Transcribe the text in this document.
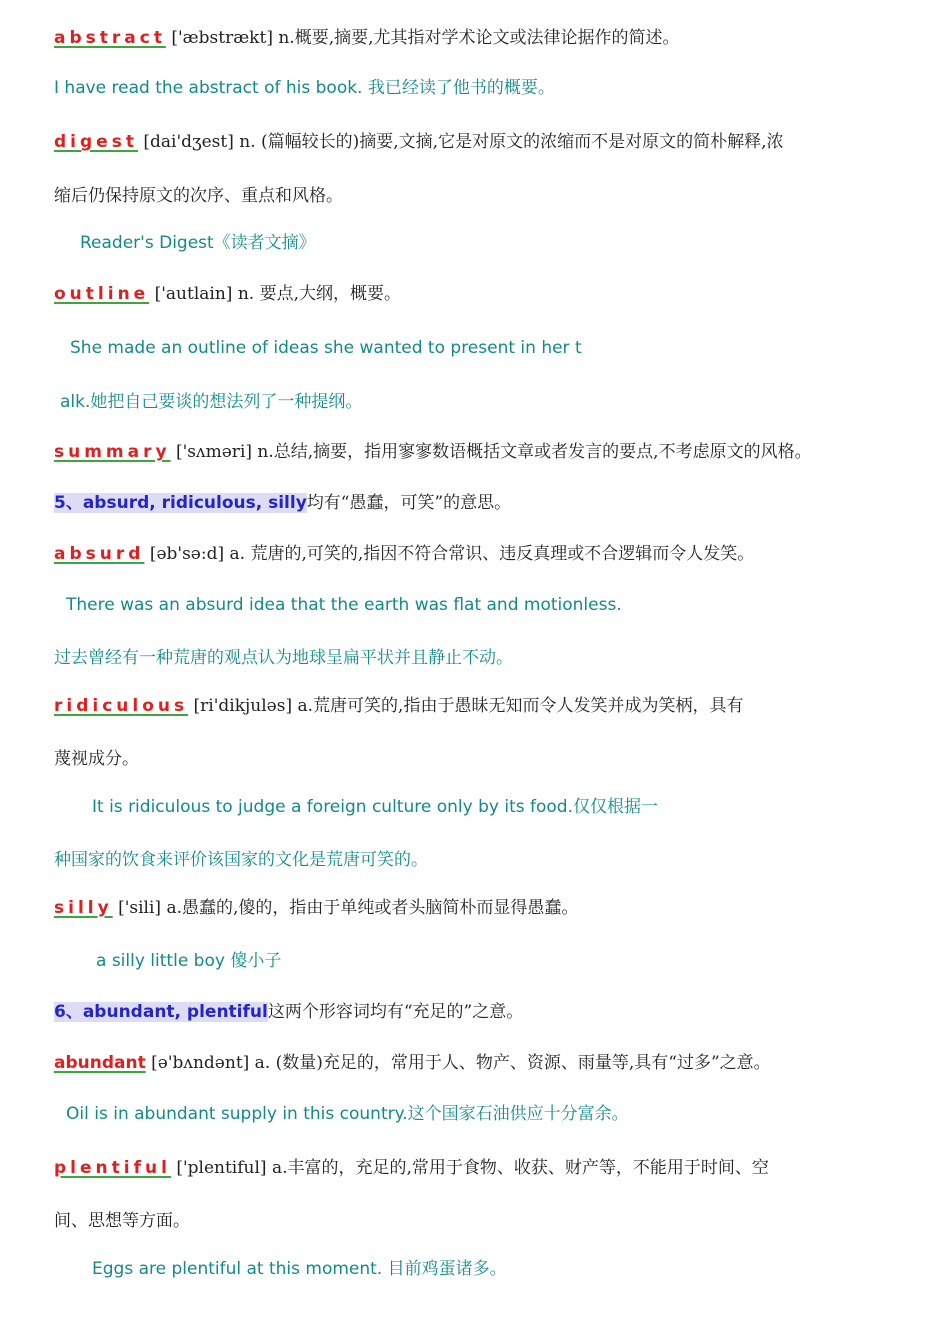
abstract ['æbstrækt] n.概要,摘要,尤其指对学术论文或法律论据作的简述。
I have read the abstract of his book. 我已经读了他书的概要。
digest [dai'dʒest] n. (篇幅较长的)摘要,文摘,它是对原文的浓缩而不是对原文的简朴解释,浓
缩后仍保持原文的次序、重点和风格。
Reader's Digest《读者文摘》
outline ['autlain] n. 要点,大纲，概要。
She made an outline of ideas she wanted to present in her t
alk.她把自己要谈的想法列了一种提纲。
summary ['sʌməri] n.总结,摘要，指用寥寥数语概括文章或者发言的要点,不考虑原文的风格。
5、absurd, ridiculous, silly均有“愚蠢，可笑”的意思。
absurd [əb'sə:d] a. 荒唐的,可笑的,指因不符合常识、违反真理或不合逻辑而令人发笑。
There was an absurd idea that the earth was flat and motionless.
过去曾经有一种荒唐的观点认为地球呈扁平状并且静止不动。
ridiculous [ri'dikjuləs] a.荒唐可笑的,指由于愚昧无知而令人发笑并成为笑柄，具有
蔑视成分。
It is ridiculous to judge a foreign culture only by its food.仅仅根据一
种国家的饮食来评价该国家的文化是荒唐可笑的。
silly ['sili] a.愚蠢的,傻的，指由于单纯或者头脑简朴而显得愚蠢。
a silly little boy 傻小子
6、abundant, plentiful这两个形容词均有“充足的”之意。
abundant [ə'bʌndənt] a. (数量)充足的，常用于人、物产、资源、雨量等,具有“过多”之意。
Oil is in abundant supply in this country.这个国家石油供应十分富余。
plentiful ['plentiful] a.丰富的，充足的,常用于食物、收获、财产等，不能用于时间、空
间、思想等方面。
Eggs are plentiful at this moment. 目前鸡蛋诸多。
